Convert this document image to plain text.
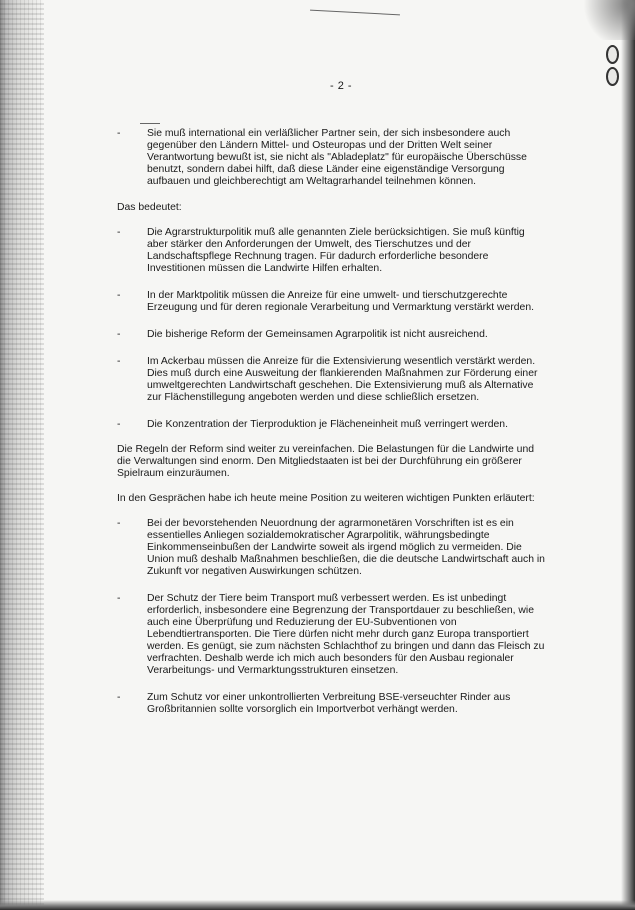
- 2 -
-	Sie muß international ein verläßlicher Partner sein, der sich insbesondere auch gegenüber den Ländern Mittel- und Osteuropas und der Dritten Welt seiner Verantwortung bewußt ist, sie nicht als "Abladeplatz" für europäische Überschüsse benutzt, sondern dabei hilft, daß diese Länder eine eigenständige Versorgung aufbauen und gleichberechtigt am Weltagrarhandel teilnehmen können.
Das bedeutet:
-	Die Agrarstrukturpolitik muß alle genannten Ziele berücksichtigen. Sie muß künftig aber stärker den Anforderungen der Umwelt, des Tierschutzes und der Landschaftspflege Rechnung tragen. Für dadurch erforderliche besondere Investitionen müssen die Landwirte Hilfen erhalten.
-	In der Marktpolitik müssen die Anreize für eine umwelt- und tierschutzgerechte Erzeugung und für deren regionale Verarbeitung und Vermarktung verstärkt werden.
-	Die bisherige Reform der Gemeinsamen Agrarpolitik ist nicht ausreichend.
-	Im Ackerbau müssen die Anreize für die Extensivierung wesentlich verstärkt werden. Dies muß durch eine Ausweitung der flankierenden Maßnahmen zur Förderung einer umweltgerechten Landwirtschaft geschehen. Die Extensivierung muß als Alternative zur Flächenstillegung angeboten werden und diese schließlich ersetzen.
-	Die Konzentration der Tierproduktion je Flächeneinheit muß verringert werden.
Die Regeln der Reform sind weiter zu vereinfachen. Die Belastungen für die Landwirte und die Verwaltungen sind enorm. Den Mitgliedstaaten ist bei der Durchführung ein größerer Spielraum einzuräumen.
In den Gesprächen habe ich heute meine Position zu weiteren wichtigen Punkten erläutert:
-	Bei der bevorstehenden Neuordnung der agrarmonetären Vorschriften ist es ein essentielles Anliegen sozialdemokratischer Agrarpolitik, währungsbedingte Einkommenseinbußen der Landwirte soweit als irgend möglich zu vermeiden. Die Union muß deshalb Maßnahmen beschließen, die die deutsche Landwirtschaft auch in Zukunft vor negativen Auswirkungen schützen.
-	Der Schutz der Tiere beim Transport muß verbessert werden. Es ist unbedingt erforderlich, insbesondere eine Begrenzung der Transportdauer zu beschließen, wie auch eine Überprüfung und Reduzierung der EU-Subventionen von Lebendtiertransporten. Die Tiere dürfen nicht mehr durch ganz Europa transportiert werden. Es genügt, sie zum nächsten Schlachthof zu bringen und dann das Fleisch zu verfrachten. Deshalb werde ich mich auch besonders für den Ausbau regionaler Verarbeitungs- und Vermarktungsstrukturen einsetzen.
-	Zum Schutz vor einer unkontrollierten Verbreitung BSE-verseuchter Rinder aus Großbritannien sollte vorsorglich ein Importverbot verhängt werden.
